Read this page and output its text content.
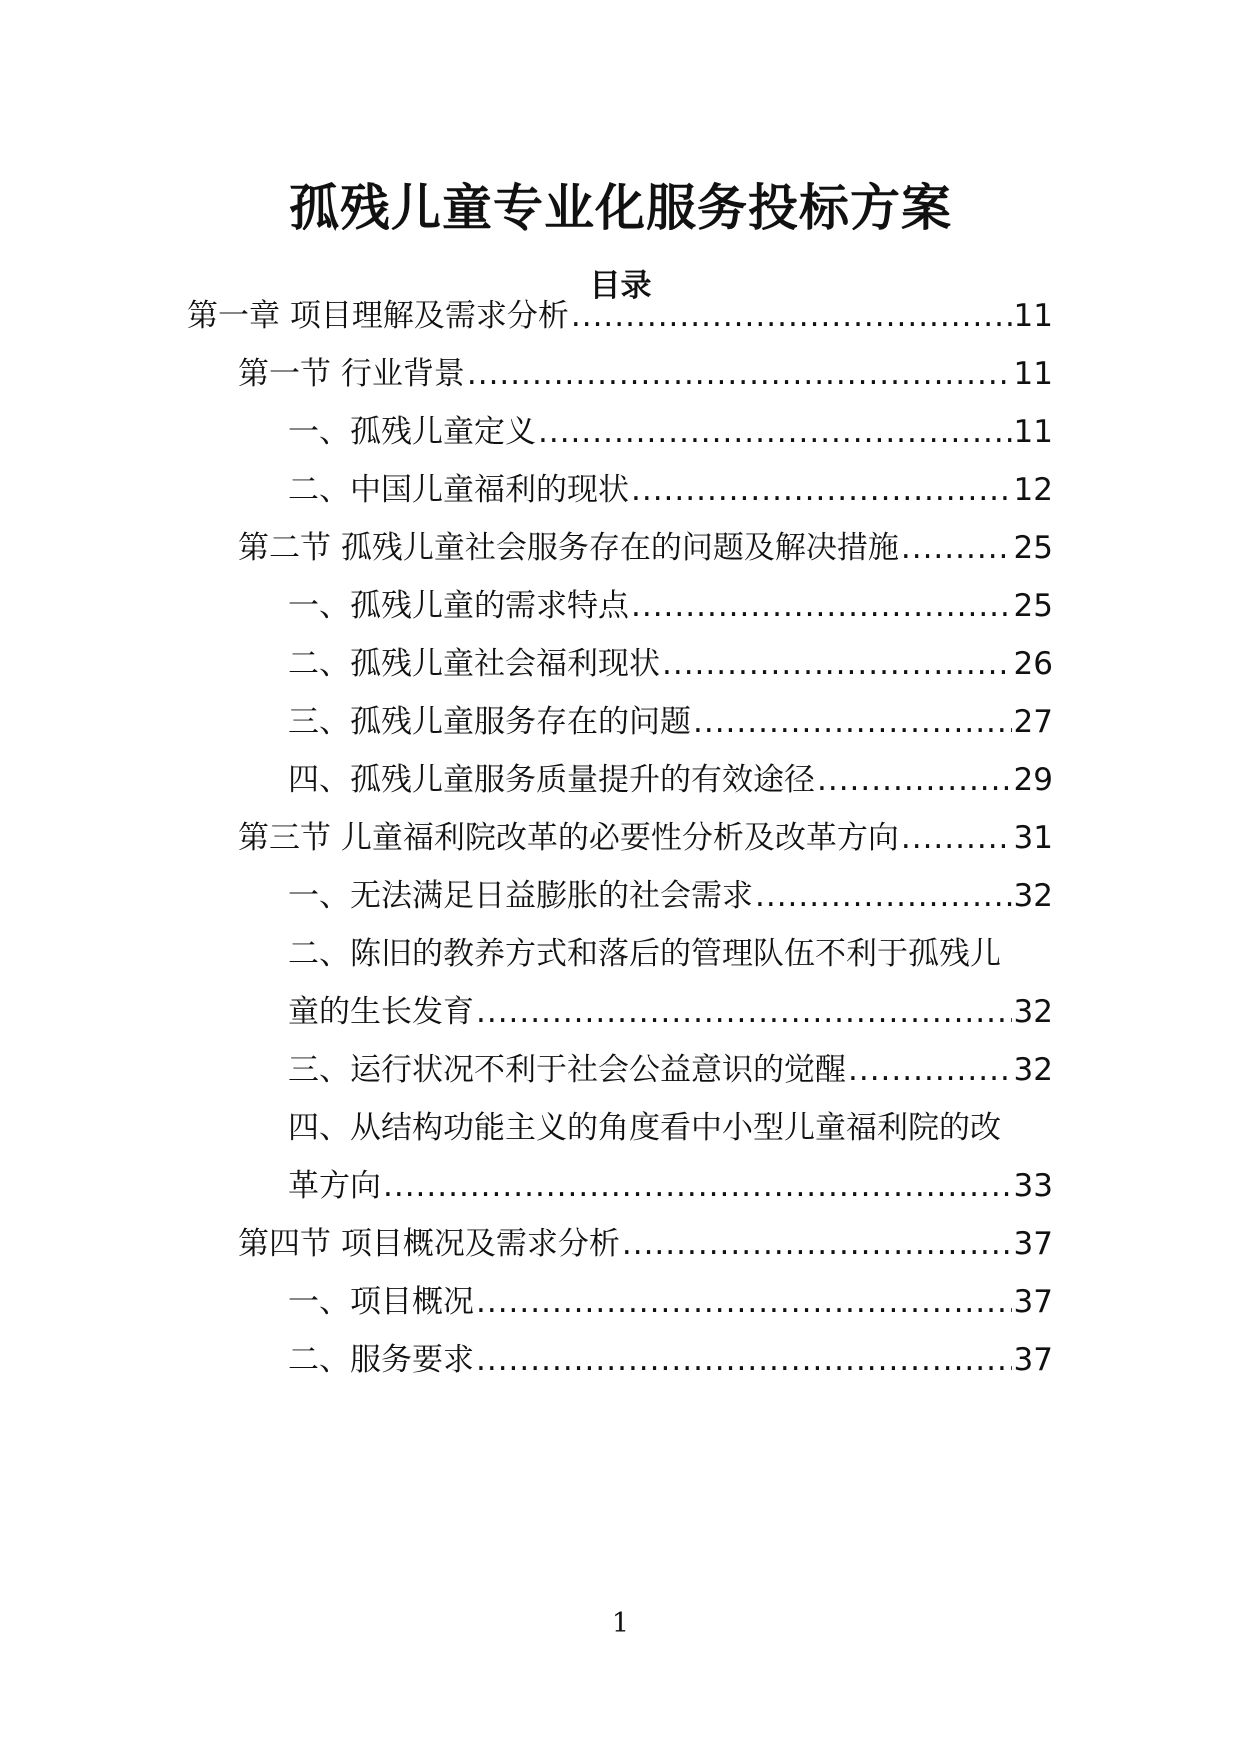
孤残儿童专业化服务投标方案
目录
第一章 项目理解及需求分析 .....	11
第一节 行业背景 .....	11
一、孤残儿童定义 .....	11
二、中国儿童福利的现状 .....	12
第二节 孤残儿童社会服务存在的问题及解决措施 .....	25
一、孤残儿童的需求特点 .....	25
二、孤残儿童社会福利现状 .....	26
三、孤残儿童服务存在的问题 .....	27
四、孤残儿童服务质量提升的有效途径 .....	29
第三节 儿童福利院改革的必要性分析及改革方向 .....	31
一、无法满足日益膨胀的社会需求 .....	32
二、陈旧的教养方式和落后的管理队伍不利于孤残儿
童的生长发育 .....	32
三、运行状况不利于社会公益意识的觉醒 .....	32
四、从结构功能主义的角度看中小型儿童福利院的改
革方向 .....	33
第四节 项目概况及需求分析 .....	37
一、项目概况 .....	37
二、服务要求 .....	37
1
